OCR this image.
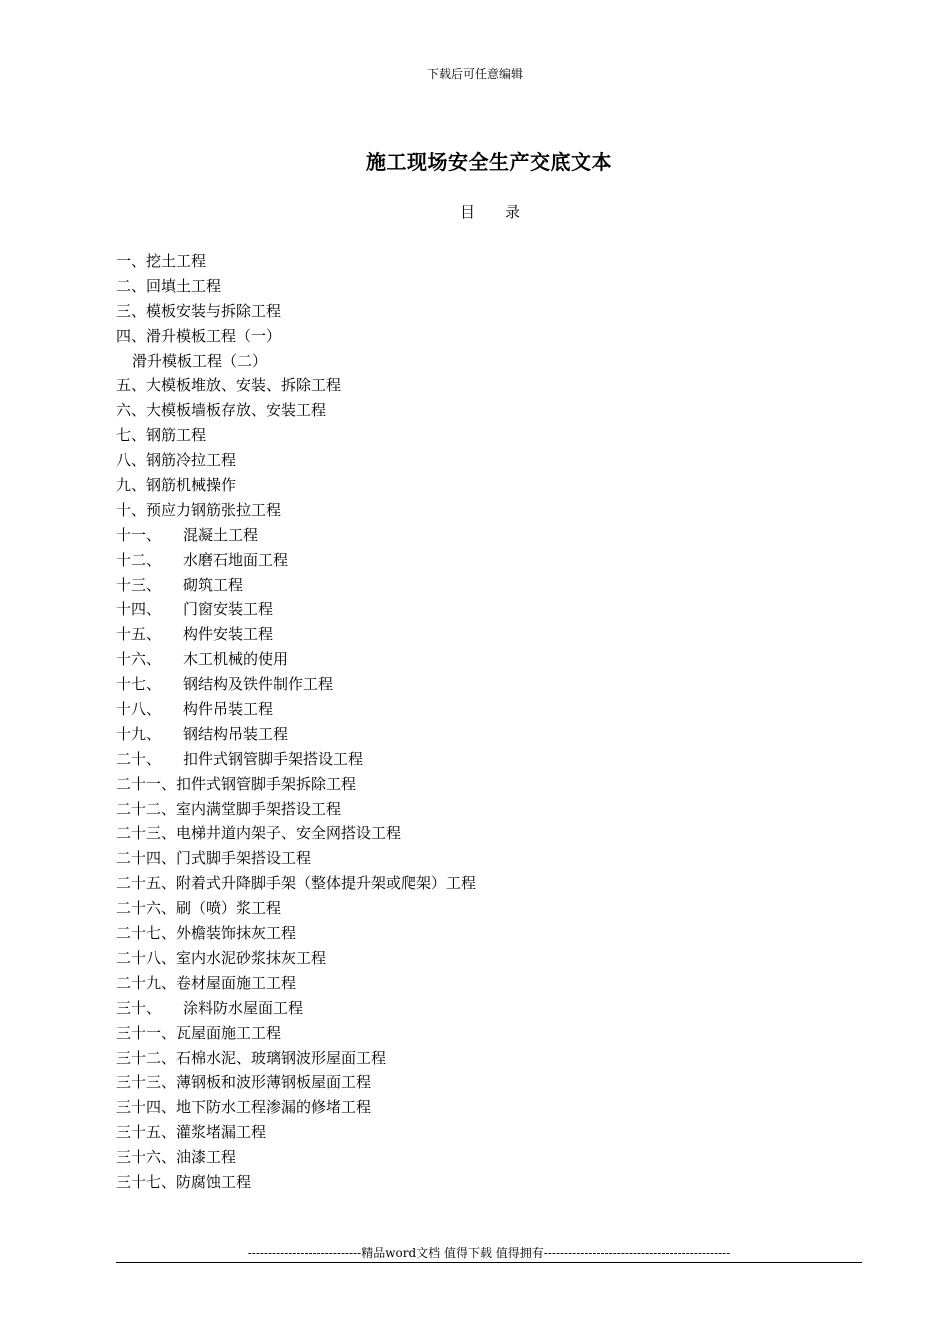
下载后可任意编辑
施工现场安全生产交底文本
目 录
一、 挖土工程
二、 回填土工程
三、 模板安装与拆除工程
四、 滑升模板工程（一）
滑升模板工程（二）
五、 大模板堆放、安装、拆除工程
六、 大模板墙板存放、安装工程
七、 钢筋工程
八、 钢筋冷拉工程
九、 钢筋机械操作
十、 预应力钢筋张拉工程
十一、	混凝土工程
十二、	水磨石地面工程
十三、	砌筑工程
十四、	门窗安装工程
十五、	构件安装工程
十六、	木工机械的使用
十七、	钢结构及铁件制作工程
十八、	构件吊装工程
十九、	钢结构吊装工程
二十、	扣件式钢管脚手架搭设工程
二十一、 扣件式钢管脚手架拆除工程
二十二、 室内满堂脚手架搭设工程
二十三、 电梯井道内架子、安全网搭设工程
二十四、 门式脚手架搭设工程
二十五、 附着式升降脚手架（整体提升架或爬架）工程
二十六、 刷（喷）浆工程
二十七、 外檐装饰抹灰工程
二十八、 室内水泥砂浆抹灰工程
二十九、 卷材屋面施工工程
三十、	涂料防水屋面工程
三十一、 瓦屋面施工工程
三十二、 石棉水泥、玻璃钢波形屋面工程
三十三、 薄钢板和波形薄钢板屋面工程
三十四、 地下防水工程渗漏的修堵工程
三十五、 灌浆堵漏工程
三十六、 油漆工程
三十七、 防腐蚀工程
----------------------------精品word文档 值得下载 值得拥有----------------------------------------------
